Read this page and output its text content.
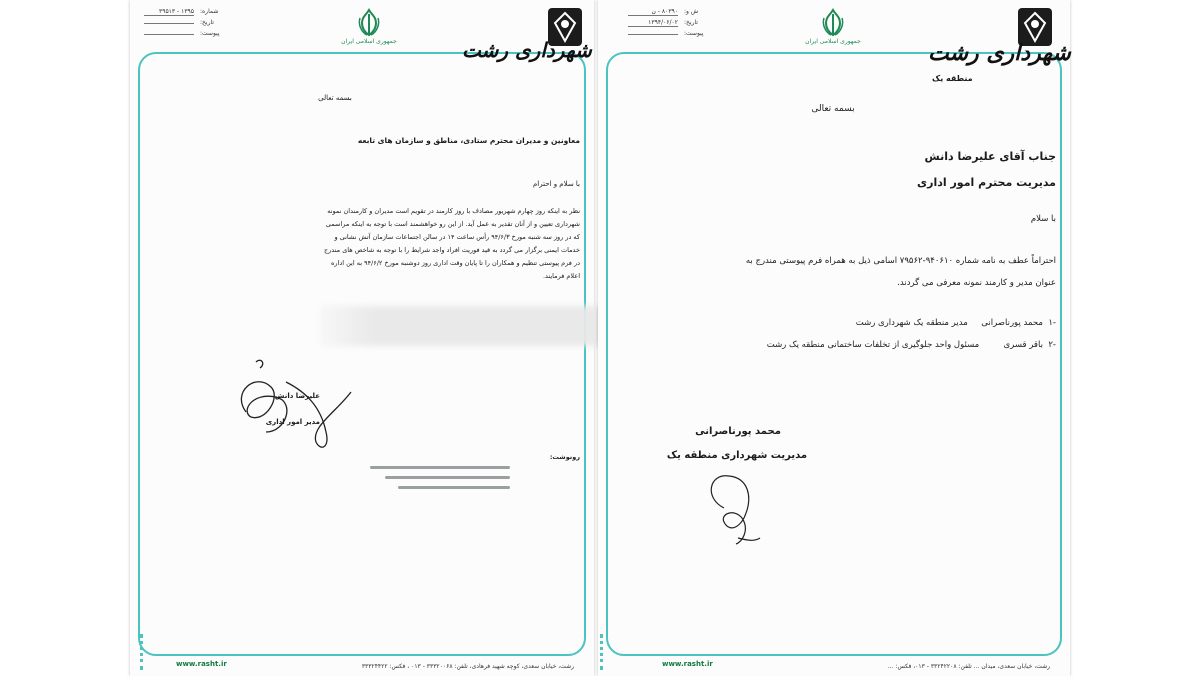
شماره:۱۳۹۵ - ۳۹۵۱۳
تاریخ:
پیوست:
جمهوری اسلامی ایران	شهرداری رشت
بسمه تعالی
معاونین و مدیران محترم ستادی، مناطق و سازمان های تابعه
با سلام و احترام
نظر به اینکه روز چهارم شهریور مصادف با روز کارمند در تقویم است مدیران و کارمندان نمونه
شهرداری تعیین و از آنان تقدیر به عمل آید. از این رو خواهشمند است با توجه به اینکه مراسمی
که در روز سه شنبه مورخ ۹۴/۶/۳ رأس ساعت ۱۴ در سالن اجتماعات سازمان آتش نشانی و
خدمات ایمنی برگزار می گردد به قید فوریت افراد واجد شرایط را با توجه به شاخص های مندرج
در فرم پیوستی تنظیم و همکاران را تا پایان وقت اداری روز دوشنبه مورخ ۹۴/۶/۲ به این اداره
اعلام فرمایند.
علیرضا دانش
مدیر امور اداری
رونوشت:
www.rasht.ir	رشت، خیابان سعدی، کوچه شهید فرهادی، تلفن: ۳۳۳۲۰۰۶۸ - ۰۱۳ ، فکس: ۳۳۳۲۴۴۲۲
ش و:۸۰۳۹۰ - ن
تاریخ:۱۳۹۴/۰۶/۰۲
پیوست:
جمهوری اسلامی ایران	شهرداری رشت
منطقه یک
بسمه تعالی
جناب آقای علیرضا دانش
مدیریت محترم امور اداری
با سلام
احتراماً عطف به نامه شماره ۹۴۰۶۱۰-۷۹۵۶۲ اسامی ذیل به همراه فرم پیوستی مندرج به
عنوان مدیر و کارمند نمونه معرفی می گردند.
-۱  محمد پورناصرانی     مدیر منطقه یک شهرداری رشت
-۲  باقر قسری         مسئول واحد جلوگیری از تخلفات ساختمانی منطقه یک رشت
محمد پورناصرانی
مدیریت شهرداری منطقه یک
www.rasht.ir	رشت، خیابان سعدی، میدان ... تلفن: ۳۳۲۴۲۲۰۸ - ۰۱۳، فکس: ...
